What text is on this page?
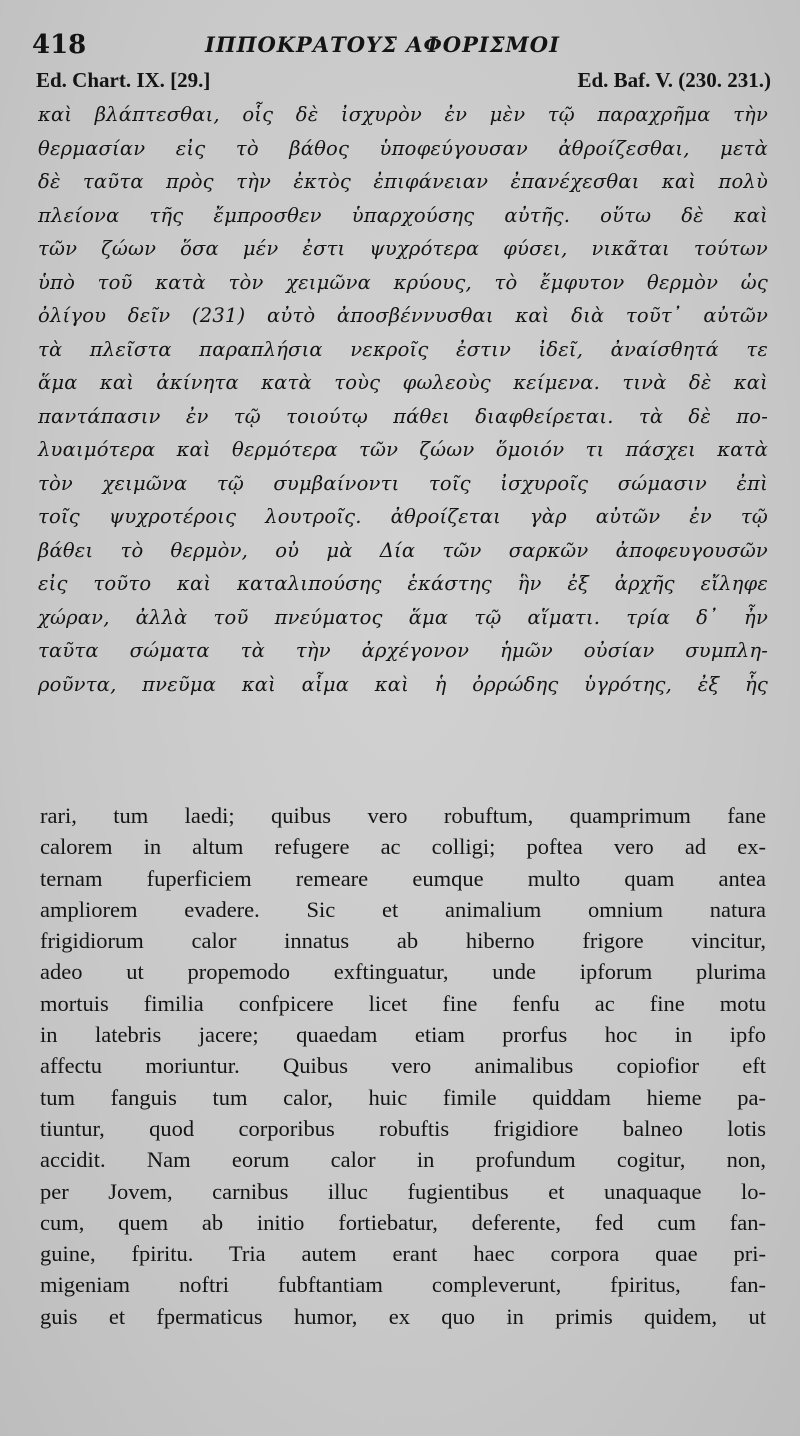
418	ΙΠΠΟΚΡΑΤΟΥΣ ΑΦΟΡΙΣΜΟΙ
Ed. Chart. IX. [29.]	Ed. Baf. V. (230. 231.)
καὶ βλάπτεσθαι, οἷς δὲ ἰσχυρὸν ἐν μὲν τῷ παραχρῆμα τὴν
θερμασίαν εἰς τὸ βάθος ὑποφεύγουσαν ἀθροίζεσθαι, μετὰ
δὲ ταῦτα πρὸς τὴν ἐκτὸς ἐπιφάνειαν ἐπανέχεσθαι καὶ πολὺ
πλείονα τῆς ἔμπροσθεν ὑπαρχούσης αὐτῆς. οὕτω δὲ καὶ
τῶν ζώων ὅσα μέν ἐστι ψυχρότερα φύσει, νικᾶται τούτων
ὑπὸ τοῦ κατὰ τὸν χειμῶνα κρύους, τὸ ἔμφυτον θερμὸν ὡς
ὀλίγου δεῖν (231) αὐτὸ ἀποσβέννυσθαι καὶ διὰ τοῦτ᾽ αὐτῶν
τὰ πλεῖστα παραπλήσια νεκροῖς ἐστιν ἰδεῖ, ἀναίσθητά τε
ἅμα καὶ ἀκίνητα κατὰ τοὺς φωλεοὺς κείμενα. τινὰ δὲ καὶ
παντάπασιν ἐν τῷ τοιούτῳ πάθει διαφθείρεται. τὰ δὲ πο-
λυαιμότερα καὶ θερμότερα τῶν ζώων ὅμοιόν τι πάσχει κατὰ
τὸν χειμῶνα τῷ συμβαίνοντι τοῖς ἰσχυροῖς σώμασιν ἐπὶ
τοῖς ψυχροτέροις λουτροῖς. ἀθροίζεται γὰρ αὐτῶν ἐν τῷ
βάθει τὸ θερμὸν, οὐ μὰ Δία τῶν σαρκῶν ἀποφευγουσῶν
εἰς τοῦτο καὶ καταλιπούσης ἑκάστης ἣν ἐξ ἀρχῆς εἴληφε
χώραν, ἀλλὰ τοῦ πνεύματος ἅμα τῷ αἵματι. τρία δ᾽ ἦν
ταῦτα σώματα τὰ τὴν ἀρχέγονον ἡμῶν οὐσίαν συμπλη-
ροῦντα, πνεῦμα καὶ αἷμα καὶ ἡ ὀρρώδης ὑγρότης, ἐξ ἧς
rari, tum laedi; quibus vero robuftum, quamprimum fane
calorem in altum refugere ac colligi; poftea vero ad ex-
ternam fuperficiem remeare eumque multo quam antea
ampliorem evadere. Sic et animalium omnium natura
frigidiorum calor innatus ab hiberno frigore vincitur,
adeo ut propemodo exftinguatur, unde ipforum plurima
mortuis fimilia confpicere licet fine fenfu ac fine motu
in latebris jacere; quaedam etiam prorfus hoc in ipfo
affectu moriuntur. Quibus vero animalibus copiofior eft
tum fanguis tum calor, huic fimile quiddam hieme pa-
tiuntur, quod corporibus robuftis frigidiore balneo lotis
accidit. Nam eorum calor in profundum cogitur, non,
per Jovem, carnibus illuc fugientibus et unaquaque lo-
cum, quem ab initio fortiebatur, deferente, fed cum fan-
guine, fpiritu. Tria autem erant haec corpora quae pri-
migeniam noftri fubftantiam compleverunt, fpiritus, fan-
guis et fpermaticus humor, ex quo in primis quidem, ut
